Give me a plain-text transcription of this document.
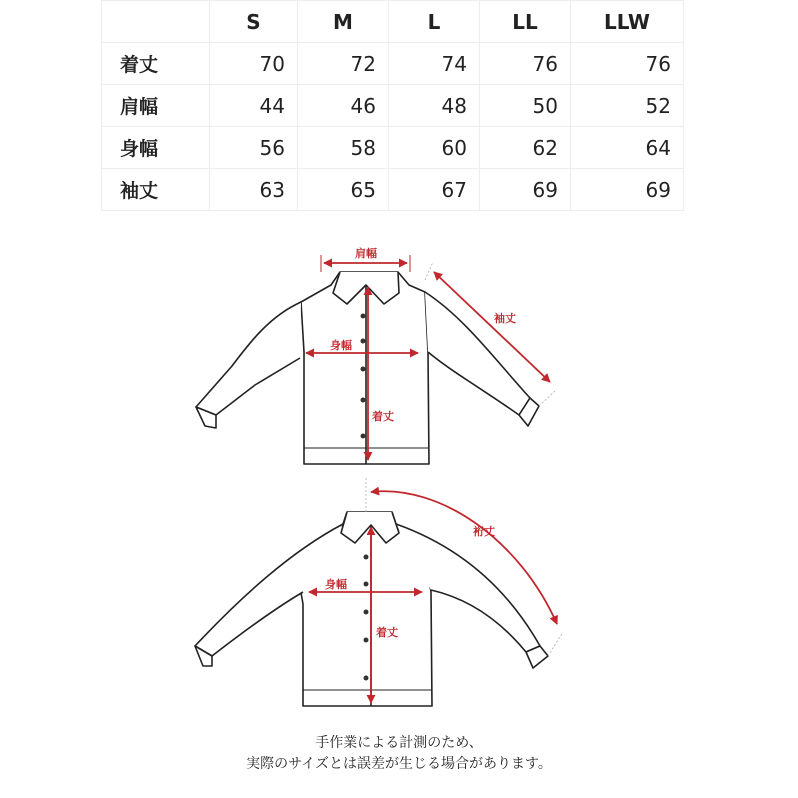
	S	M	L	LL	LLW
着丈	70	72	74	76	76
肩幅	44	46	48	50	52
身幅	56	58	60	62	64
袖丈	63	65	67	69	69
肩幅
身幅
着丈
袖丈
身幅
着丈
裄丈
手作業による計測のため、
実際のサイズとは誤差が生じる場合があります。
